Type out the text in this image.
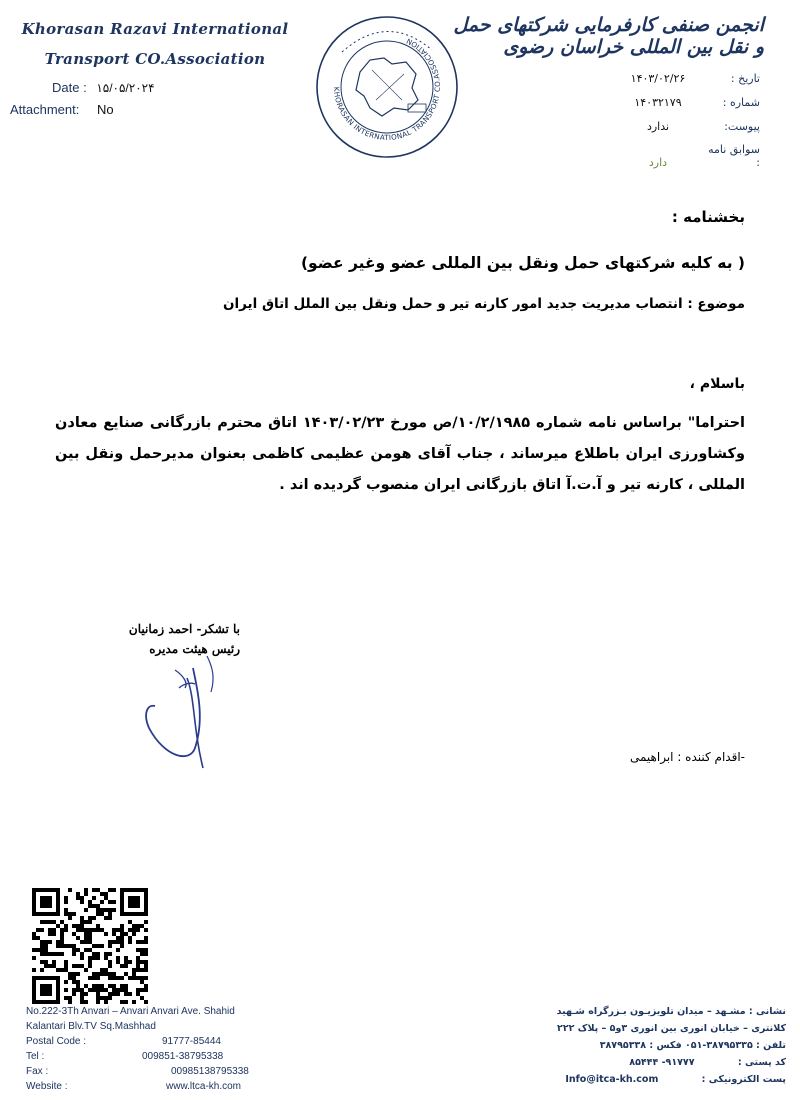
Khorasan Razavi International
Transport CO.Association
Date : ۱۵/۰۵/۲۰۲۴
Attachment: No
KHORASAN INTERNATIONAL TRANSPORT CO.ASSOCIATION
انجمن صنفی کارفرمایی شرکتهای حمل و نقل بین المللی خراسان رضوی
تاریخ :۱۴۰۳/۰۲/۲۶
شماره :۱۴۰۳۲۱۷۹
پیوست:ندارد
سوابق نامه :دارد
بخشنامه :
( به کلیه شرکتهای حمل ونقل بین المللی عضو وغیر عضو)
موضوع : انتصاب مدیریت جدید امور کارنه تیر و حمل ونقل بین الملل اتاق ایران
باسلام ،
احتراما" براساس نامه شماره ۱۰/۲/۱۹۸۵/ص مورخ ۱۴۰۳/۰۲/۲۳ اتاق محترم بازرگانی صنایع معادن وکشاورزی ایران باطلاع میرساند ، جناب آقای هومن عظیمی کاظمی بعنوان مدیرحمل ونقل بین المللی ، کارنه تیر و آ.ت.آ اتاق بازرگانی ایران منصوب گردیده اند .
با تشکر- احمد زمانیان
رئیس هیئت مدیره
-اقدام کننده : ابراهیمی
No.222-3Th Anvari – Anvari Anvari Ave. Shahid
Kalantari Blv.TV Sq.Mashhad
Postal Code :	91777-85444
Tel :	009851-38795338
Fax :	00985138795338
Website :	www.ltca-kh.com
نشانی : مشـهد – میدان تلویزیـون بـزرگراه شـهید
کلانتری – خیابان انوری بین انوری ۳و۵ – پلاک ۲۲۲
تلفن : ۳۸۷۹۵۳۳۵-۰۵۱ فکس : ۳۸۷۹۵۳۳۸
کد پستی : ۹۱۷۷۷- ۸۵۴۴۴
پست الکترونیکی : Info@itca-kh.com
